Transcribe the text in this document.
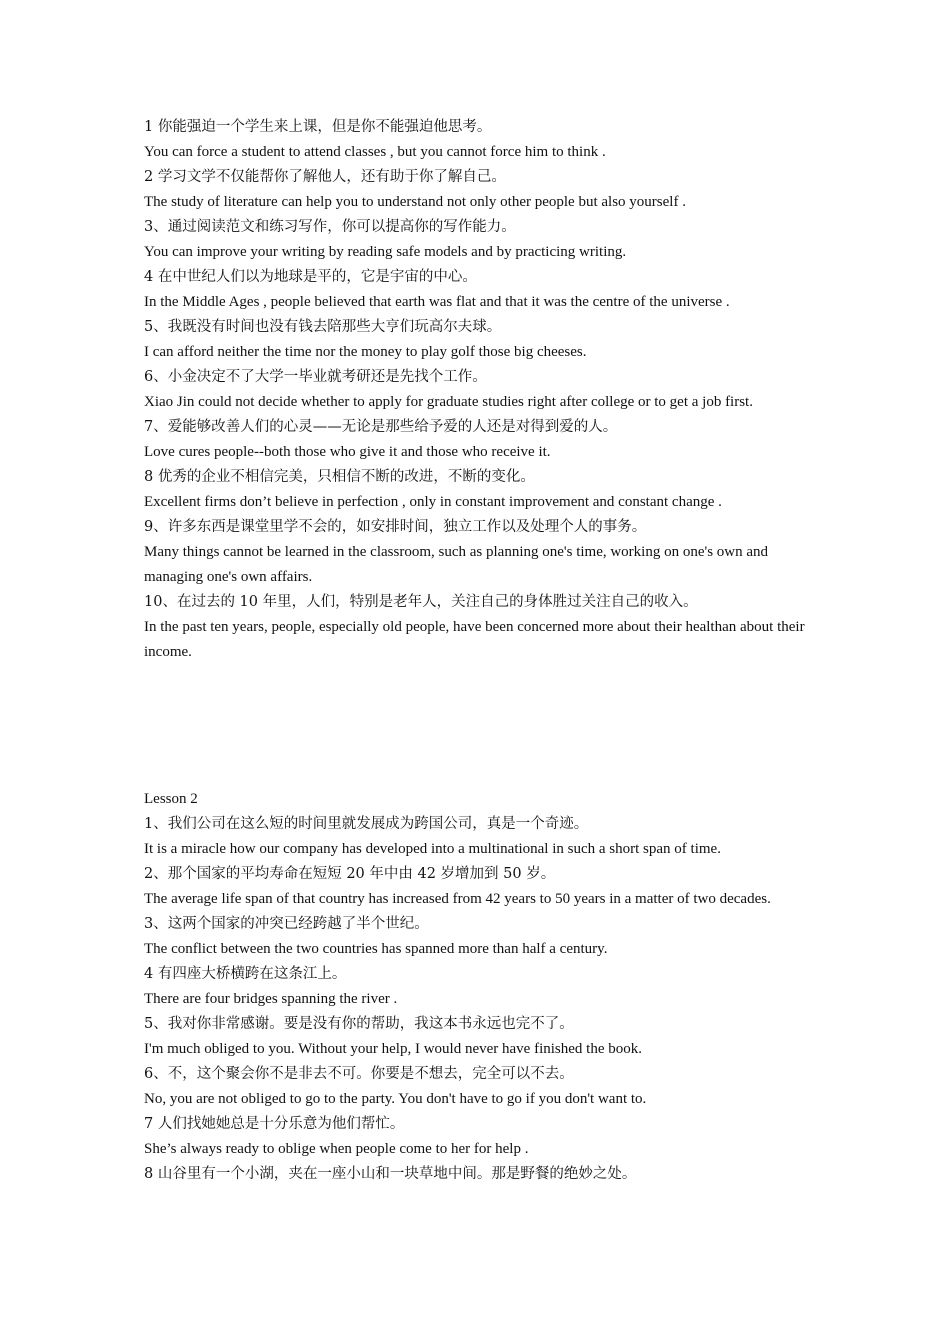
1 你能强迫一个学生来上课，但是你不能强迫他思考。

You can force a student to attend classes , but you cannot force him to think .

2 学习文学不仅能帮你了解他人，还有助于你了解自己。

The study of literature can help you to understand not only other people but also yourself .

3、通过阅读范文和练习写作，你可以提高你的写作能力。

You can improve your writing by reading safe models and by practicing writing.

4 在中世纪人们以为地球是平的，它是宇宙的中心。

In the Middle Ages , people believed that earth was flat and that it was the centre of the universe .

5、我既没有时间也没有钱去陪那些大亨们玩高尔夫球。

I can afford neither the time nor the money to play golf those big cheeses.

6、小金决定不了大学一毕业就考研还是先找个工作。

Xiao Jin could not decide whether to apply for graduate studies right after college or to get a job first.

7、爱能够改善人们的心灵——无论是那些给予爱的人还是对得到爱的人。

Love cures people--both those who give it and those who receive it.

8 优秀的企业不相信完美，只相信不断的改进，不断的变化。

Excellent firms don’t believe in perfection , only in constant improvement and constant change .

9、许多东西是课堂里学不会的，如安排时间，独立工作以及处理个人的事务。

Many things cannot be learned in the classroom, such as planning one's time, working on one's own and managing one's own affairs.

10、在过去的 10 年里，人们，特别是老年人，关注自己的身体胜过关注自己的收入。

In the past ten years, people, especially old people, have been concerned more about their healthan about their income.

Lesson 2

1、我们公司在这么短的时间里就发展成为跨国公司，真是一个奇迹。

It is a miracle how our company has developed into a multinational in such a short span of time.

2、那个国家的平均寿命在短短 20 年中由 42 岁增加到 50 岁。

The average life span of that country has increased from 42 years to 50 years in a matter of two decades.

3、这两个国家的冲突已经跨越了半个世纪。

The conflict between the two countries has spanned more than half a century.

4 有四座大桥横跨在这条江上。

There are four bridges spanning the river .

5、我对你非常感谢。要是没有你的帮助，我这本书永远也完不了。

I'm much obliged to you. Without your help, I would never have finished the book.

6、不，这个聚会你不是非去不可。你要是不想去，完全可以不去。

No, you are not obliged to go to the party. You don't have to go if you don't want to.

7 人们找她她总是十分乐意为他们帮忙。

She’s always ready to oblige when people come to her for help .

8 山谷里有一个小湖，夹在一座小山和一块草地中间。那是野餐的绝妙之处。
